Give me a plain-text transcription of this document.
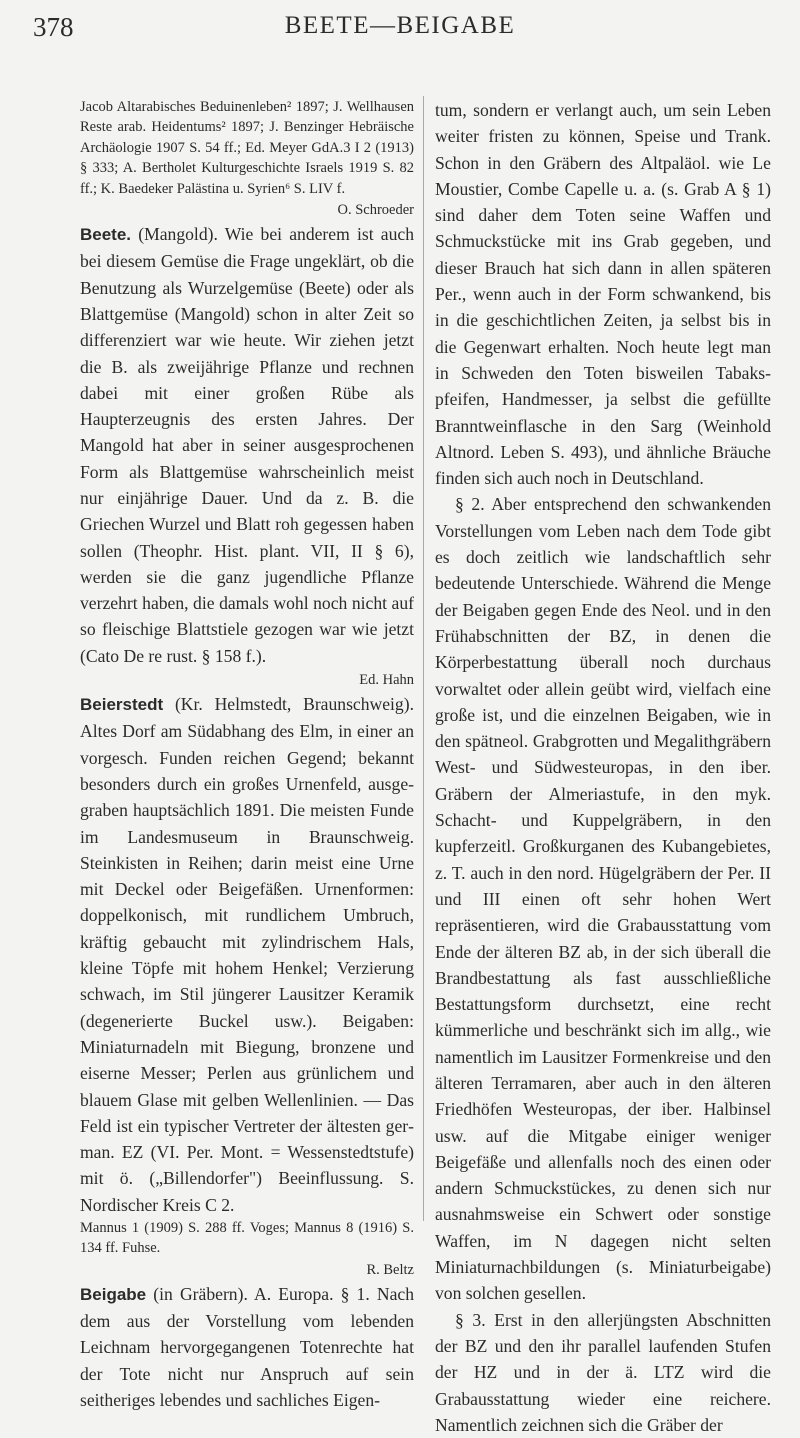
378	BEETE—BEIGABE

Jacob Altarabisches Beduinenleben² 1897; J. Wellhausen Reste arab. Heidentums² 1897; J. Benzinger Hebräische Archäologie 1907 S. 54 ff.; Ed. Meyer GdA.3 I 2 (1913) § 333; A. Bertholet Kulturgeschichte Israels 1919 S. 82 ff.; K. Baedeker Palästina u. Syrien⁶ S. LIV f.

O. Schroeder

Beete. (Mangold). Wie bei anderem ist auch bei diesem Gemüse die Frage ungeklärt, ob die Benutzung als Wurzelgemüse (Beete) oder als Blattgemüse (Mangold) schon in alter Zeit so differenziert war wie heute. Wir ziehen jetzt die B. als zweijährige Pflanze und rechnen dabei mit einer großen Rübe als Haupterzeugnis des ersten Jahres. Der Mangold hat aber in seiner ausgesprochenen Form als Blattgemüse wahrscheinlich meist nur einjährige Dauer. Und da z. B. die Griechen Wurzel und Blatt roh gegessen haben sollen (Theophr. Hist. plant. VII, II § 6), werden sie die ganz jugendliche Pflanze verzehrt haben, die damals wohl noch nicht auf so fleischige Blattstiele gezogen war wie jetzt (Cato De re rust. § 158 f.).

Ed. Hahn

Beierstedt (Kr. Helmstedt, Braunschweig). Altes Dorf am Südabhang des Elm, in einer an vorgesch. Funden reichen Gegend; bekannt besonders durch ein großes Urnenfeld, ausgegraben hauptsächlich 1891. Die meisten Funde im Landesmuseum in Braunschweig. Steinkisten in Reihen; darin meist eine Urne mit Deckel oder Beigefäßen. Urnenformen: doppelkonisch, mit rundlichem Umbruch, kräftig gebaucht mit zylindrischem Hals, kleine Töpfe mit hohem Henkel; Verzierung schwach, im Stil jüngerer Lausitzer Keramik (degenerierte Buckel usw.). Beigaben: Miniaturnadeln mit Biegung, bronzene und eiserne Messer; Perlen aus grünlichem und blauem Glase mit gelben Wellenlinien. — Das Feld ist ein typischer Vertreter der ältesten german. EZ (VI. Per. Mont. = Wessenstedtstufe) mit ö. („Billendorfer") Beeinflussung. S. Nordischer Kreis C 2.

Mannus 1 (1909) S. 288 ff. Voges; Mannus 8 (1916) S. 134 ff. Fuhse.

R. Beltz

Beigabe (in Gräbern). A. Europa. § 1. Nach dem aus der Vorstellung vom lebenden Leichnam hervorgegangenen Totenrechte hat der Tote nicht nur Anspruch auf sein seitheriges lebendes und sachliches Eigen-

tum, sondern er verlangt auch, um sein Leben weiter fristen zu können, Speise und Trank. Schon in den Gräbern des Altpaläol. wie Le Moustier, Combe Capelle u. a. (s. Grab A § 1) sind daher dem Toten seine Waffen und Schmuckstücke mit ins Grab gegeben, und dieser Brauch hat sich dann in allen späteren Per., wenn auch in der Form schwankend, bis in die geschichtlichen Zeiten, ja selbst bis in die Gegenwart erhalten. Noch heute legt man in Schweden den Toten bisweilen Tabakspfeifen, Handmesser, ja selbst die gefüllte Branntweinflasche in den Sarg (Weinhold Altnord. Leben S. 493), und ähnliche Bräuche finden sich auch noch in Deutschland.

§ 2. Aber entsprechend den schwankenden Vorstellungen vom Leben nach dem Tode gibt es doch zeitlich wie landschaftlich sehr bedeutende Unterschiede. Während die Menge der Beigaben gegen Ende des Neol. und in den Frühabschnitten der BZ, in denen die Körperbestattung überall noch durchaus vorwaltet oder allein geübt wird, vielfach eine große ist, und die einzelnen Beigaben, wie in den spätneol. Grabgrotten und Megalithgräbern West- und Südwesteuropas, in den iber. Gräbern der Almeriastufe, in den myk. Schacht- und Kuppelgräbern, in den kupferzeitl. Großkurganen des Kubangebietes, z. T. auch in den nord. Hügelgräbern der Per. II und III einen oft sehr hohen Wert repräsentieren, wird die Grabausstattung vom Ende der älteren BZ ab, in der sich überall die Brandbestattung als fast ausschließliche Bestattungsform durchsetzt, eine recht kümmerliche und beschränkt sich im allg., wie namentlich im Lausitzer Formenkreise und den älteren Terramaren, aber auch in den älteren Friedhöfen Westeuropas, der iber. Halbinsel usw. auf die Mitgabe einiger weniger Beigefäße und allenfalls noch des einen oder andern Schmuckstückes, zu denen sich nur ausnahmsweise ein Schwert oder sonstige Waffen, im N dagegen nicht selten Miniaturnachbildungen (s. Miniaturbeigabe) von solchen gesellen.

§ 3. Erst in den allerjüngsten Abschnitten der BZ und den ihr parallel laufenden Stufen der HZ und in der ä. LTZ wird die Grabausstattung wieder eine reichere. Namentlich zeichnen sich die Gräber der
